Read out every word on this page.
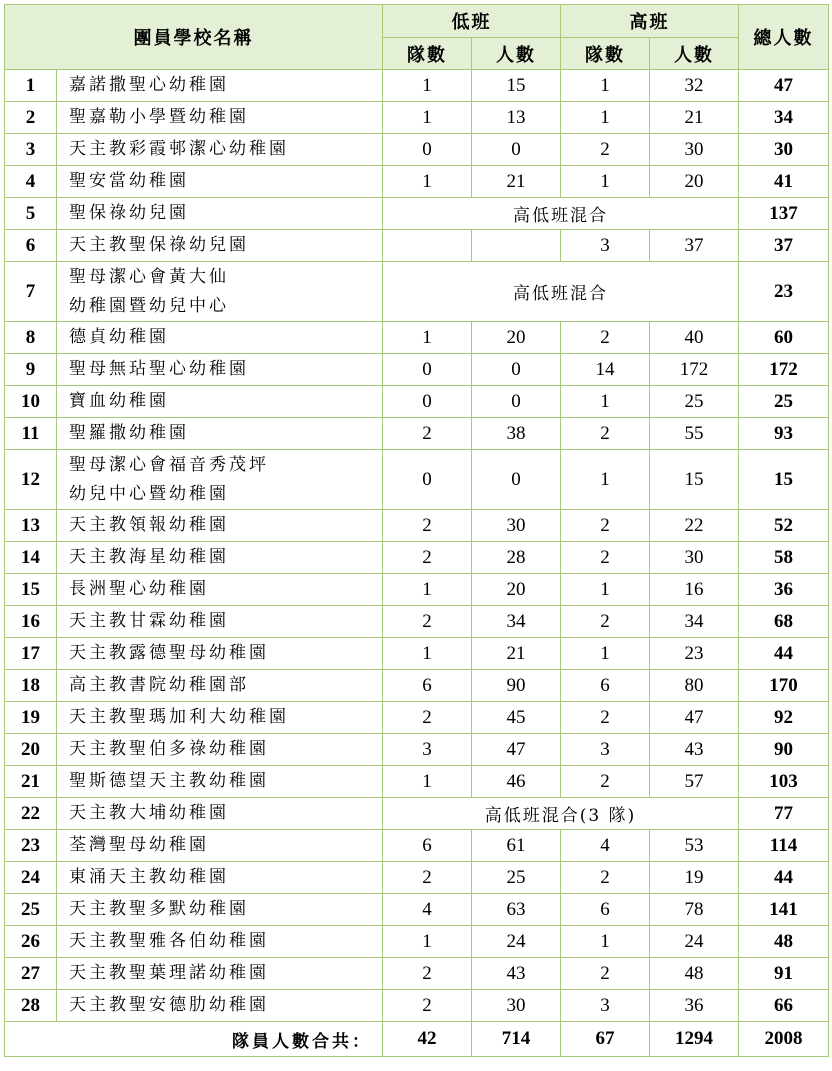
團員學校名稱		低班		高班		總人數
		隊數	人數	隊數	人數	
1	嘉諾撒聖心幼稚園	1	15	1	32	47
2	聖嘉勒小學暨幼稚園	1	13	1	21	34
3	天主教彩霞邨潔心幼稚園	0	0	2	30	30
4	聖安當幼稚園	1	21	1	20	41
5	聖保祿幼兒園	高低班混合				137
6	天主教聖保祿幼兒園			3	37	37
7	聖母潔心會黃大仙
幼稚園暨幼兒中心	高低班混合				23
8	德貞幼稚園	1	20	2	40	60
9	聖母無玷聖心幼稚園	0	0	14	172	172
10	寶血幼稚園	0	0	1	25	25
11	聖羅撒幼稚園	2	38	2	55	93
12	聖母潔心會福音秀茂坪
幼兒中心暨幼稚園	0	0	1	15	15
13	天主教領報幼稚園	2	30	2	22	52
14	天主教海星幼稚園	2	28	2	30	58
15	長洲聖心幼稚園	1	20	1	16	36
16	天主教甘霖幼稚園	2	34	2	34	68
17	天主教露德聖母幼稚園	1	21	1	23	44
18	高主教書院幼稚園部	6	90	6	80	170
19	天主教聖瑪加利大幼稚園	2	45	2	47	92
20	天主教聖伯多祿幼稚園	3	47	3	43	90
21	聖斯德望天主教幼稚園	1	46	2	57	103
22	天主教大埔幼稚園	高低班混合(3 隊)				77
23	荃灣聖母幼稚園	6	61	4	53	114
24	東涌天主教幼稚園	2	25	2	19	44
25	天主教聖多默幼稚園	4	63	6	78	141
26	天主教聖雅各伯幼稚園	1	24	1	24	48
27	天主教聖葉理諾幼稚園	2	43	2	48	91
28	天主教聖安德肋幼稚園	2	30	3	36	66
隊員人數合共：		42	714	67	1294	2008
